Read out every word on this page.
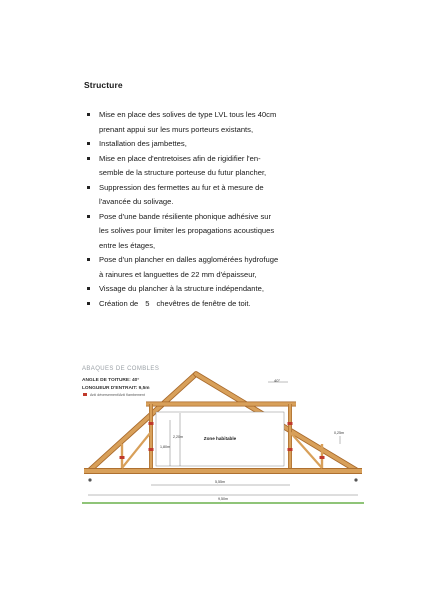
Structure
Mise en place des solives de type LVL tous les 40cm
prenant appui sur les murs porteurs existants,
Installation des jambettes,
Mise en place d'entretoises afin de rigidifier l'en-
semble de la structure porteuse du futur plancher,
Suppression des fermettes au fur et à mesure de
l'avancée du solivage.
Pose d'une bande résiliente phonique adhésive sur
les solives pour limiter les propagations acoustiques
entre les étages,
Pose d'un plancher en dalles agglomérées hydrofuge
à rainures et languettes de 22 mm d'épaisseur,
Vissage du plancher à la structure indépendante,
Création de 5 chevêtres de fenêtre de toit.
ABAQUES DE COMBLES
ANGLE DE TOITURE: 40°
LONGUEUR D'ENTRAIT: 9,5m
Anti déversement/Anti flambement
Zone habitable
2,20m
1,80m
0,25m
40°
5,55m
9,50m
